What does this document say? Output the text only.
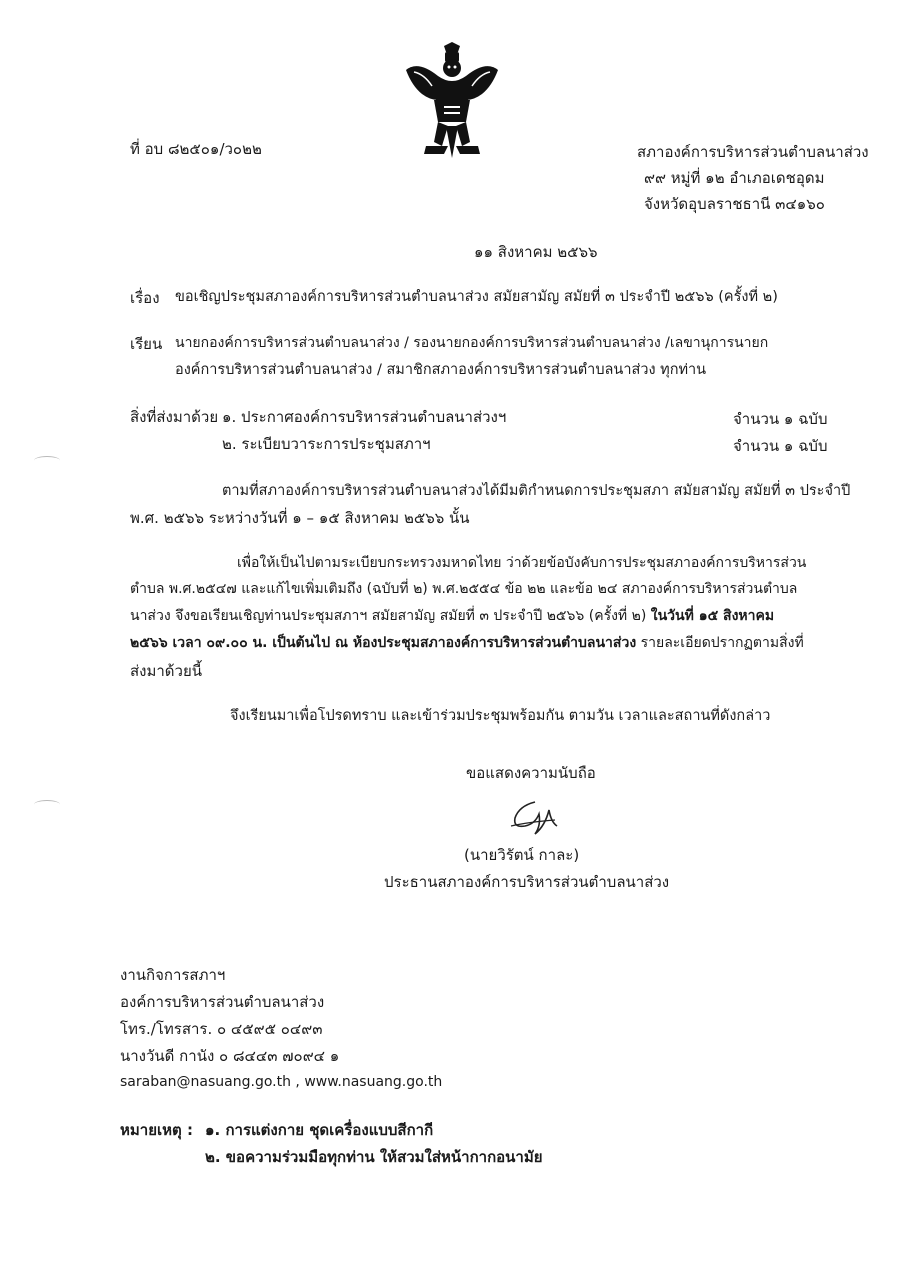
ที่ อบ ๘๒๕๐๑/ว๐๒๒	สภาองค์การบริหารส่วนตำบลนาส่วง
๙๙ หมู่ที่ ๑๒ อำเภอเดชอุดม
จังหวัดอุบลราชธานี ๓๔๑๖๐
๑๑ สิงหาคม ๒๕๖๖
เรื่อง ขอเชิญประชุมสภาองค์การบริหารส่วนตำบลนาส่วง สมัยสามัญ สมัยที่ ๓ ประจำปี ๒๕๖๖ (ครั้งที่ ๒)
เรียน นายกองค์การบริหารส่วนตำบลนาส่วง / รองนายกองค์การบริหารส่วนตำบลนาส่วง /เลขานุการนายก
องค์การบริหารส่วนตำบลนาส่วง / สมาชิกสภาองค์การบริหารส่วนตำบลนาส่วง ทุกท่าน
สิ่งที่ส่งมาด้วย ๑. ประกาศองค์การบริหารส่วนตำบลนาส่วงฯ	จำนวน ๑ ฉบับ
๒. ระเบียบวาระการประชุมสภาฯ	จำนวน ๑ ฉบับ
ตามที่สภาองค์การบริหารส่วนตำบลนาส่วงได้มีมติกำหนดการประชุมสภา สมัยสามัญ สมัยที่ ๓ ประจำปี
พ.ศ. ๒๕๖๖ ระหว่างวันที่ ๑ – ๑๕ สิงหาคม ๒๕๖๖ นั้น
เพื่อให้เป็นไปตามระเบียบกระทรวงมหาดไทย ว่าด้วยข้อบังคับการประชุมสภาองค์การบริหารส่วน
ตำบล พ.ศ.๒๕๔๗ และแก้ไขเพิ่มเติมถึง (ฉบับที่ ๒) พ.ศ.๒๕๕๔ ข้อ ๒๒ และข้อ ๒๔ สภาองค์การบริหารส่วนตำบล
นาส่วง จึงขอเรียนเชิญท่านประชุมสภาฯ สมัยสามัญ สมัยที่ ๓ ประจำปี ๒๕๖๖ (ครั้งที่ ๒) ในวันที่ ๑๕ สิงหาคม
๒๕๖๖ เวลา ๐๙.๐๐ น. เป็นต้นไป ณ ห้องประชุมสภาองค์การบริหารส่วนตำบลนาส่วง รายละเอียดปรากฏตามสิ่งที่
ส่งมาด้วยนี้
จึงเรียนมาเพื่อโปรดทราบ และเข้าร่วมประชุมพร้อมกัน ตามวัน เวลาและสถานที่ดังกล่าว
ขอแสดงความนับถือ
(นายวิรัตน์ กาละ)
ประธานสภาองค์การบริหารส่วนตำบลนาส่วง
งานกิจการสภาฯ
องค์การบริหารส่วนตำบลนาส่วง
โทร./โทรสาร. ๐ ๔๕๙๕ ๐๔๙๓
นางวันดี กานัง ๐ ๘๔๔๓ ๗๐๙๔ ๑
saraban@nasuang.go.th , www.nasuang.go.th
หมายเหตุ : ๑. การแต่งกาย ชุดเครื่องแบบสีกากี
๒. ขอความร่วมมือทุกท่าน ให้สวมใส่หน้ากากอนามัย
